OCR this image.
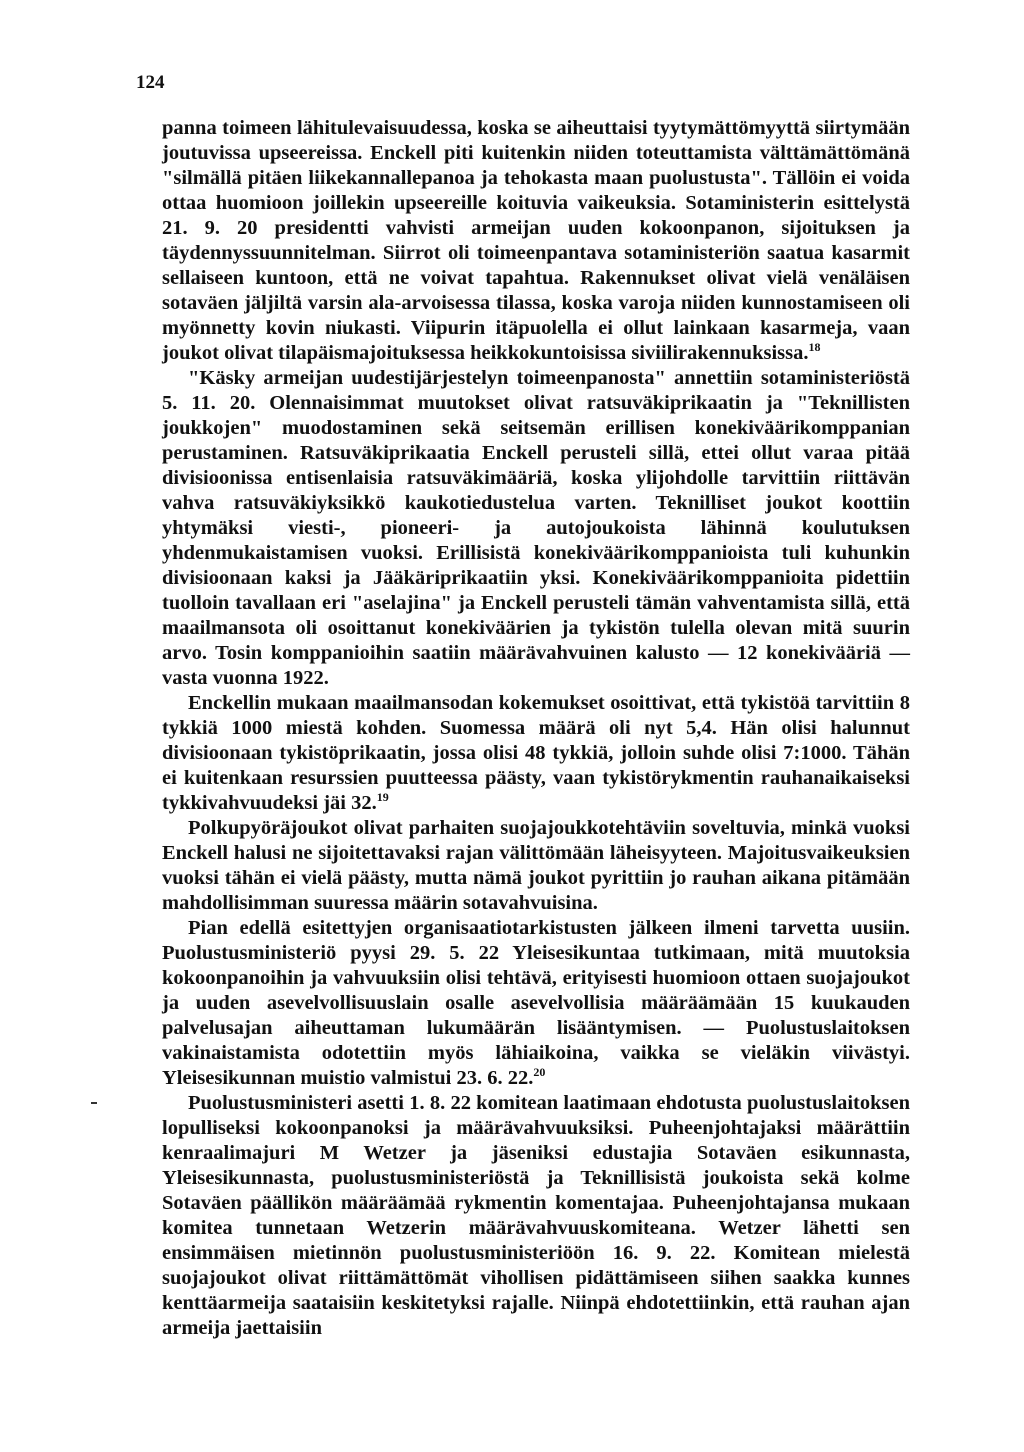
124

panna toimeen lähitulevaisuudessa, koska se aiheuttaisi tyytymättömyyttä siirtymään joutuvissa upseereissa. Enckell piti kuitenkin niiden toteuttamista välttämättömänä "silmällä pitäen liikekannallepanoa ja tehokasta maan puolustusta". Tällöin ei voida ottaa huomioon joillekin upseereille koituvia vaikeuksia. Sotaministerin esittelystä 21. 9. 20 presidentti vahvisti armeijan uuden kokoonpanon, sijoituksen ja täydennyssuunnitelman. Siirrot oli toimeenpantava sotaministeriön saatua kasarmit sellaiseen kuntoon, että ne voivat tapahtua. Rakennukset olivat vielä venäläisen sotaväen jäljiltä varsin ala-arvoisessa tilassa, koska varoja niiden kunnostamiseen oli myönnetty kovin niukasti. Viipurin itäpuolella ei ollut lainkaan kasarmeja, vaan joukot olivat tilapäismajoituksessa heikkokuntoisissa siviilirakennuksissa.$^{18}$

"Käsky armeijan uudestijärjestelyn toimeenpanosta" annettiin sotaministeriöstä 5. 11. 20. Olennaisimmat muutokset olivat ratsuväkiprikaatin ja "Teknillisten joukkojen" muodostaminen sekä seitsemän erillisen konekiväärikomppanian perustaminen. Ratsuväkiprikaatia Enckell perusteli sillä, ettei ollut varaa pitää divisioonissa entisenlaisia ratsuväkimääriä, koska ylijohdolle tarvittiin riittävän vahva ratsuväkiyksikkö kaukotiedustelua varten. Teknilliset joukot koottiin yhtymäksi viesti-, pioneeri- ja autojoukoista lähinnä koulutuksen yhdenmukaistamisen vuoksi. Erillisistä konekiväärikomppanioista tuli kuhunkin divisioonaan kaksi ja Jääkäriprikaatiin yksi. Konekiväärikomppanioita pidettiin tuolloin tavallaan eri "aselajina" ja Enckell perusteli tämän vahventamista sillä, että maailmansota oli osoittanut konekiväärien ja tykistön tulella olevan mitä suurin arvo. Tosin komppanioihin saatiin määrävahvuinen kalusto — 12 konekivääriä — vasta vuonna 1922.

Enckellin mukaan maailmansodan kokemukset osoittivat, että tykistöä tarvittiin 8 tykkiä 1000 miestä kohden. Suomessa määrä oli nyt 5,4. Hän olisi halunnut divisioonaan tykistöprikaatin, jossa olisi 48 tykkiä, jolloin suhde olisi 7:1000. Tähän ei kuitenkaan resurssien puutteessa päästy, vaan tykistörykmentin rauhanaikaiseksi tykkivahvuudeksi jäi 32.19

Polkupyöräjoukot olivat parhaiten suojajoukkotehtäviin soveltuvia, minkä vuoksi Enckell halusi ne sijoitettavaksi rajan välittömään läheisyyteen. Majoitusvaikeuksien vuoksi tähän ei vielä päästy, mutta nämä joukot pyrittiin jo rauhan aikana pitämään mahdollisimman suuressa määrin sotavahvuisina.

Pian edellä esitettyjen organisaatiotarkistusten jälkeen ilmeni tarvetta uusiin. Puolustusministeriö pyysi 29. 5. 22 Yleisesikuntaa tutkimaan, mitä muutoksia kokoonpanoihin ja vahvuuksiin olisi tehtävä, erityisesti huomioon ottaen suojajoukot ja uuden asevelvollisuuslain osalle asevelvollisia määräämään 15 kuukauden palvelusajan aiheuttaman lukumäärän lisääntymisen. — Puolustuslaitoksen vakinaistamista odotettiin myös lähiaikoina, vaikka se vieläkin viivästyi. Yleisesikunnan muistio valmistui 23. 6. 22.20

Puolustusministeri asetti 1. 8. 22 komitean laatimaan ehdotusta puolustuslaitoksen lopulliseksi kokoonpanoksi ja määrävahvuuksiksi. Puheenjohtajaksi määrättiin kenraalimajuri M Wetzer ja jäseniksi edustajia Sotaväen esikunnasta, Yleisesikunnasta, puolustusministeriöstä ja Teknillisistä joukoista sekä kolme Sotaväen päällikön määräämää rykmentin komentajaa. Puheenjohtajansa mukaan komitea tunnetaan Wetzerin määrävahvuuskomiteana. Wetzer lähetti sen ensimmäisen mietinnön puolustusministeriöön 16. 9. 22. Komitean mielestä suojajoukot olivat riittämättömät vihollisen pidättämiseen siihen saakka kunnes kenttäarmeija saataisiin keskitetyksi rajalle. Niinpä ehdotettiinkin, että rauhan ajan armeija jaettaisiin
